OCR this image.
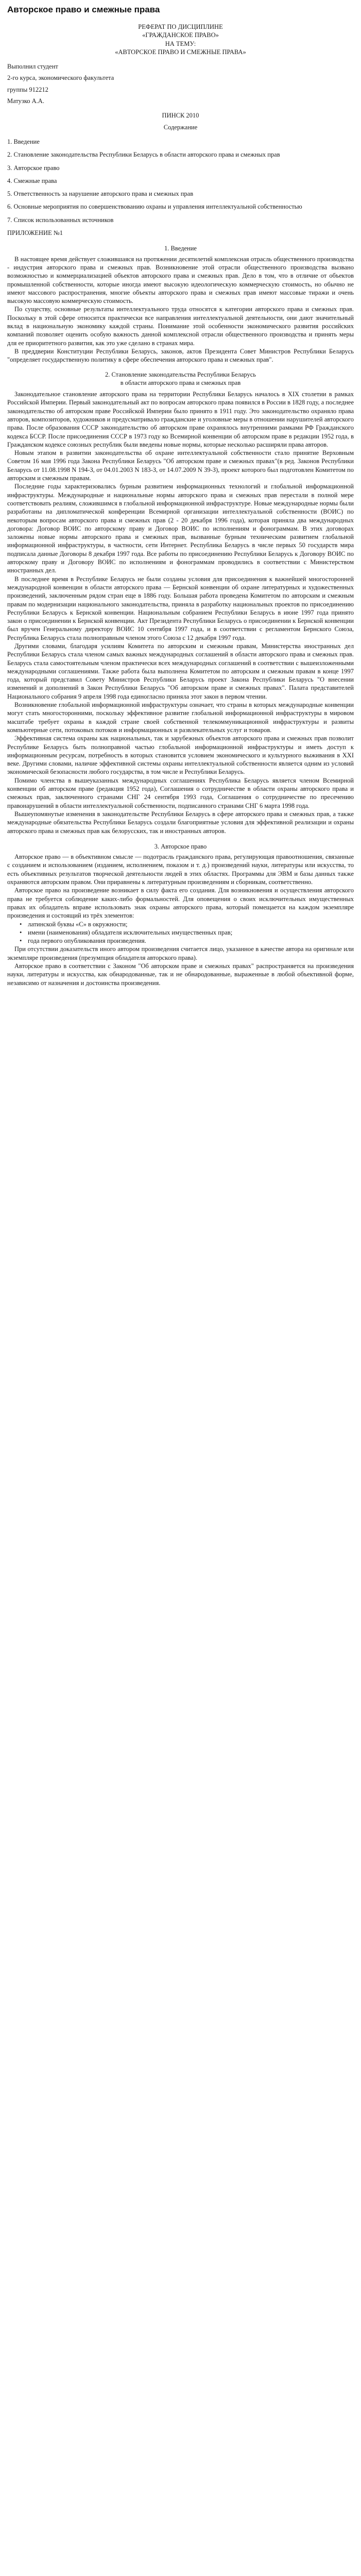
Авторское право и смежные права

РЕФЕРАТ ПО ДИСЦИПЛИНЕ

«ГРАЖДАНСКОЕ ПРАВО»

НА ТЕМУ:

«АВТОРСКОЕ ПРАВО И СМЕЖНЫЕ ПРАВА»

Выполнил студент

2-го курса, экономического факультета

группы 912212

Матузко А.А.

ПИНСК 2010

Содержание

1. Введение

2. Становление законодательства Республики Беларусь в области авторского права и смежных прав

3. Авторское право

4. Смежные права

5. Ответственность за нарушение авторского права и смежных прав

6. Основные мероприятия по совершенствованию охраны и управления интеллектуальной собственностью

7. Список использованных источников

ПРИЛОЖЕНИЕ №1

1. Введение

В настоящее время действует сложившаяся на протяжении десятилетий комплексная отрасль общественного производства - индустрия авторского права и смежных прав. Возникновение этой отрасли общественного производства вызвано возможностью и коммерциализацией объектов авторского права и смежных прав. Дело в том, что в отличие от объектов промышленной собственности, которые иногда имеют высокую идеологическую коммерческую стоимость, но обычно не имеют массового распространения, многие объекты авторского права и смежных прав имеют массовые тиражи и очень высокую массовую коммерческую стоимость.

По существу, основные результаты интеллектуального труда относятся к категории авторского права и смежных прав. Поскольку в этой сфере относится практически все направления интеллектуальной деятельности, они дают значительный вклад в национальную экономику каждой страны. Понимание этой особенности экономического развития российских компаний позволяет оценить особую важность данной комплексной отрасли общественного производства и принять меры для ее приоритетного развития, как это уже сделано в странах мира.

В преддверии Конституции Республики Беларусь, законов, актов Президента Совет Министров Республики Беларусь "определяет государственную политику в сфере обеспечения авторского права и смежных прав".

2. Становление законодательства Республики Беларусь

в области авторского права и смежных прав

Законодательное становление авторского права на территории Республики Беларусь началось в XIX столетии в рамках Российской Империи. Первый законодательный акт по вопросам авторского права появился в России в 1828 году, а последнее законодательство об авторском праве Российской Империи было принято в 1911 году. Это законодательство охраняло права авторов, композиторов, художников и предусматривало гражданские и уголовные меры в отношении нарушителей авторского права. После образования СССР законодательство об авторском праве охранялось внутренними рамками РФ Гражданского кодекса БССР. После присоединения СССР в 1973 году ко Всемирной конвенции об авторском праве в редакции 1952 года, в Гражданском кодексе союзных республик были введены новые нормы, которые несколько расширяли права авторов.

Новым этапом в развитии законодательства об охране интеллектуальной собственности стало принятие Верховным Советом 16 мая 1996 года Закона Республики Беларусь "Об авторском праве и смежных правах"(в ред. Законов Республики Беларусь от 11.08.1998 N 194-З, от 04.01.2003 N 183-З, от 14.07.2009 N 39-З), проект которого был подготовлен Комитетом по авторским и смежным правам.

Последние годы характеризовались бурным развитием информационных технологий и глобальной информационной инфраструктуры. Международные и национальные нормы авторского права и смежных прав перестали в полной мере соответствовать реалиям, сложившимся в глобальной информационной инфраструктуре. Новые международные нормы были разработаны на дипломатической конференции Всемирной организации интеллектуальной собственности (ВОИС) по некоторым вопросам авторского права и смежных прав (2 - 20 декабря 1996 года), которая приняла два международных договора: Договор ВОИС по авторскому праву и Договор ВОИС по исполнениям и фонограммам. В этих договорах заложены новые нормы авторского права и смежных прав, вызванные бурным техническим развитием глобальной информационной инфраструктуры, в частности, сети Интернет. Республика Беларусь в числе первых 50 государств мира подписала данные Договоры 8 декабря 1997 года. Все работы по присоединению Республики Беларусь к Договору ВОИС по авторскому праву и Договору ВОИС по исполнениям и фонограммам проводились в соответствии с Министерством иностранных дел.

В последнее время в Республике Беларусь не были созданы условия для присоединения к важнейшей многосторонней международной конвенции в области авторского права — Бернской конвенции об охране литературных и художественных произведений, заключенным рядом стран еще в 1886 году. Большая работа проведена Комитетом по авторским и смежным правам по модернизации национального законодательства, приняла в разработку национальных проектов по присоединению Республики Беларусь к Бернской конвенции. Национальным собранием Республики Беларусь в июне 1997 года принято закон о присоединении к Бернской конвенции. Акт Президента Республики Беларусь о присоединении к Бернской конвенции был вручен Генеральному директору ВОИС 10 сентября 1997 года, и в соответствии с регламентом Бернского Союза, Республика Беларусь стала полноправным членом этого Союза с 12 декабря 1997 года.

Другими словами, благодаря усилиям Комитета по авторским и смежным правам, Министерства иностранных дел Республики Беларусь стала членом самых важных международных соглашений в области авторского права и смежных прав. Беларусь стала самостоятельным членом практически всех международных соглашений в соответствии с вышеизложенными международными соглашениями. Также работа была выполнена Комитетом по авторским и смежным правам в конце 1997 года, который представил Совету Министров Республики Беларусь проект Закона Республики Беларусь "О внесении изменений и дополнений в Закон Республики Беларусь "Об авторском праве и смежных правах". Палата представителей Национального собрания 9 апреля 1998 года единогласно приняла этот закон в первом чтении.

Возникновение глобальной информационной инфраструктуры означает, что страны в которых международные конвенции могут стать многосторонними, поскольку эффективное развитие глобальной информационной инфраструктуры в мировом масштабе требует охраны в каждой стране своей собственной телекоммуникационной инфраструктуры и развиты компьютерные сети, потоковых потоков и информационных и развлекательных услуг и товаров.

Эффективная система охраны как национальных, так и зарубежных объектов авторского права и смежных прав позволит Республике Беларусь быть полноправной частью глобальной информационной инфраструктуры и иметь доступ к информационным ресурсам, потребность в которых становится условием экономического и культурного выживания в XXI веке. Другими словами, наличие эффективной системы охраны интеллектуальной собственности является одним из условий экономической безопасности любого государства, в том числе и Республики Беларусь.

Помимо членства в вышеуказанных международных соглашениях Республика Беларусь является членом Всемирной конвенции об авторском праве (редакция 1952 года), Соглашения о сотрудничестве в области охраны авторского права и смежных прав, заключенного странами СНГ 24 сентября 1993 года, Соглашения о сотрудничестве по пресечению правонарушений в области интеллектуальной собственности, подписанного странами СНГ 6 марта 1998 года.

Вышеупомянутые изменения в законодательстве Республики Беларусь в сфере авторского права и смежных прав, а также международные обязательства Республики Беларусь создали благоприятные условия для эффективной реализации и охраны авторского права и смежных прав как белорусских, так и иностранных авторов.

3. Авторское право

Авторское право — в объективном смысле — подотрасль гражданского права, регулирующая правоотношения, связанные с созданием и использованием (изданием, исполнением, показом и т. д.) произведений науки, литературы или искусства, то есть объективных результатов творческой деятельности людей в этих областях. Программы для ЭВМ и базы данных также охраняются авторским правом. Они приравнены к литературным произведениям и сборникам, соответственно.

Авторское право на произведение возникает в силу факта его создания. Для возникновения и осуществления авторского права не требуется соблюдение каких-либо формальностей. Для оповещения о своих исключительных имущественных правах их обладатель вправе использовать знак охраны авторского права, который помещается на каждом экземпляре произведения и состоящий из трёх элементов:

• латинской буквы «С» в окружности;
• имени (наименования) обладателя исключительных имущественных прав;
• года первого опубликования произведения.

При отсутствии доказательств иного автором произведения считается лицо, указанное в качестве автора на оригинале или экземпляре произведения (презумпция обладателя авторского права).

Авторское право в соответствии с Законом "Об авторском праве и смежных правах" распространяется на произведения науки, литературы и искусства, как обнародованные, так и не обнародованные, выраженные в любой объективной форме, независимо от назначения и достоинства произведения.
